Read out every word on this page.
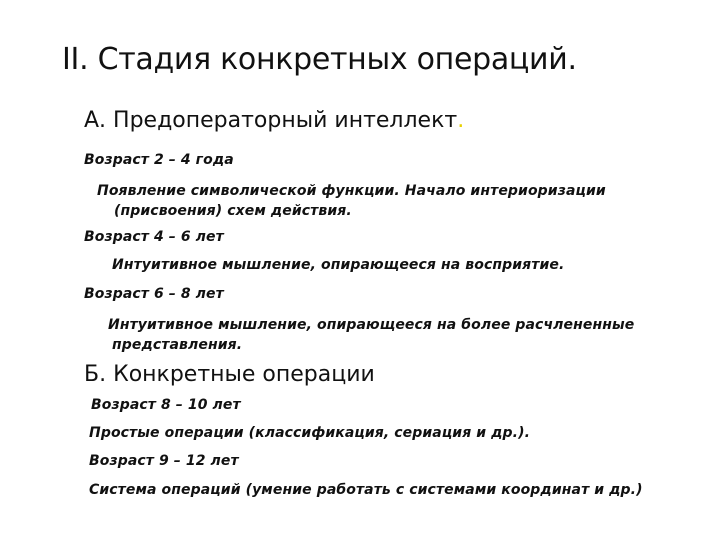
II. Стадия конкретных операций.
А. Предоператорный интеллект.
Возраст 2 – 4 года
Появление символической функции. Начало интериоризации
(присвоения) схем действия.
Возраст 4 – 6 лет
Интуитивное мышление, опирающееся на восприятие.
Возраст 6 – 8 лет
Интуитивное мышление, опирающееся на более расчлененные
представления.
Б. Конкретные операции
Возраст 8 – 10 лет
Простые операции (классификация, сериация и др.).
Возраст 9 – 12 лет
Система операций (умение работать с системами координат и др.)
